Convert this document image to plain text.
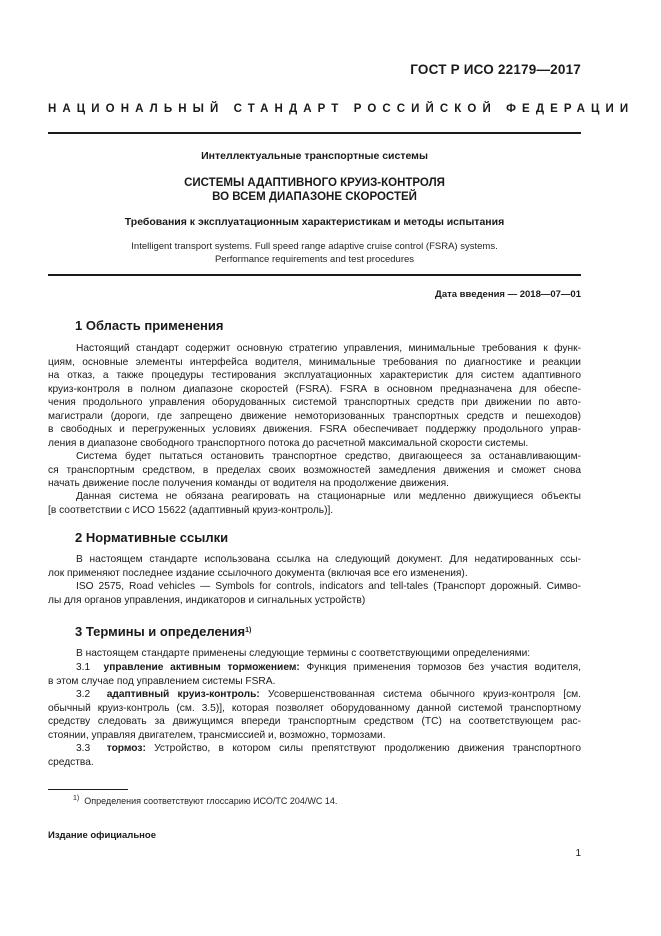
ГОСТ Р ИСО 22179—2017
НАЦИОНАЛЬНЫЙ СТАНДАРТ РОССИЙСКОЙ ФЕДЕРАЦИИ
Интеллектуальные транспортные системы
СИСТЕМЫ АДАПТИВНОГО КРУИЗ-КОНТРОЛЯ
ВО ВСЕМ ДИАПАЗОНЕ СКОРОСТЕЙ
Требования к эксплуатационным характеристикам и методы испытания
Intelligent transport systems. Full speed range adaptive cruise control (FSRA) systems.
Performance requirements and test procedures
Дата введения — 2018—07—01
1 Область применения
Настоящий стандарт содержит основную стратегию управления, минимальные требования к функ-
циям, основные элементы интерфейса водителя, минимальные требования по диагностике и реакции
на отказ, а также процедуры тестирования эксплуатационных характеристик для систем адаптивного
круиз-контроля в полном диапазоне скоростей (FSRA). FSRA в основном предназначена для обеспе-
чения продольного управления оборудованных системой транспортных средств при движении по авто-
магистрали (дороги, где запрещено движение немоторизованных транспортных средств и пешеходов)
в свободных и перегруженных условиях движения. FSRA обеспечивает поддержку продольного управ-
ления в диапазоне свободного транспортного потока до расчетной максимальной скорости системы.
Система будет пытаться остановить транспортное средство, двигающееся за останавливающим-
ся транспортным средством, в пределах своих возможностей замедления движения и сможет снова
начать движение после получения команды от водителя на продолжение движения.
Данная система не обязана реагировать на стационарные или медленно движущиеся объекты
[в соответствии с ИСО 15622 (адаптивный круиз-контроль)].
2 Нормативные ссылки
В настоящем стандарте использована ссылка на следующий документ. Для недатированных ссы-
лок применяют последнее издание ссылочного документа (включая все его изменения).
ISO 2575, Road vehicles — Symbols for controls, indicators and tell-tales (Транспорт дорожный. Симво-
лы для органов управления, индикаторов и сигнальных устройств)
3 Термины и определения$^{1)}$
В настоящем стандарте применены следующие термины с соответствующими определениями:
3.1 управление активным торможением: Функция применения тормозов без участия водителя,
в этом случае под управлением системы FSRA.
3.2 адаптивный круиз-контроль: Усовершенствованная система обычного круиз-контроля [см.
обычный круиз-контроль (см. 3.5)], которая позволяет оборудованному данной системой транспортному
средству следовать за движущимся впереди транспортным средством (ТС) на соответствующем рас-
стоянии, управляя двигателем, трансмиссией и, возможно, тормозами.
3.3 тормоз: Устройство, в котором силы препятствуют продолжению движения транспортного
средства.
$^{1)}$ Определения соответствуют глоссарию ИСО/ТС 204/WC 14.
Издание официальное
1
